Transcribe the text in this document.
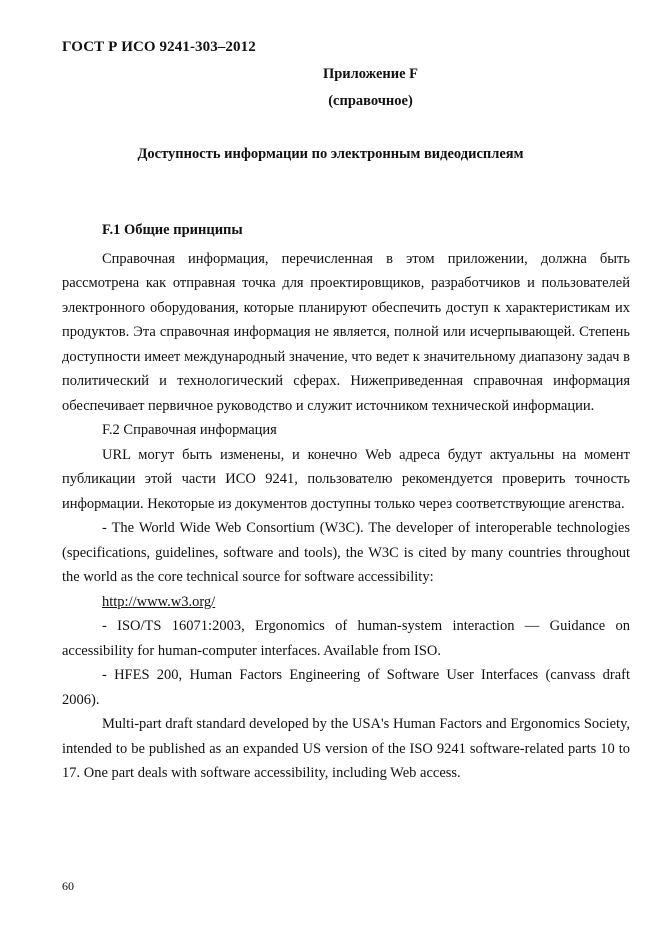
ГОСТ Р ИСО 9241-303–2012
Приложение F
(справочное)
Доступность информации по электронным видеодисплеям

F.1 Общие принципы

Справочная информация, перечисленная в этом приложении, должна быть рассмотрена как отправная точка для проектировщиков, разработчиков и пользователей электронного оборудования, которые планируют обеспечить доступ к характеристикам их продуктов. Эта справочная информация не является, полной или исчерпывающей. Степень доступности имеет международный значение, что ведет к значительному диапазону задач в политический и технологический сферах. Нижеприведенная справочная информация обеспечивает первичное руководство и служит источником технической информации.

F.2 Справочная информация

URL могут быть изменены, и конечно Web адреса будут актуальны на момент публикации этой части ИСО 9241, пользователю рекомендуется проверить точность информации. Некоторые из документов доступны только через соответствующие агенства.

- The World Wide Web Consortium (W3C). The developer of interoperable technologies (specifications, guidelines, software and tools), the W3C is cited by many countries throughout the world as the core technical source for software accessibility:

http://www.w3.org/

- ISO/TS 16071:2003, Ergonomics of human-system interaction — Guidance on accessibility for human-computer interfaces. Available from ISO.

- HFES 200, Human Factors Engineering of Software User Interfaces (canvass draft 2006).

Multi-part draft standard developed by the USA's Human Factors and Ergonomics Society, intended to be published as an expanded US version of the ISO 9241 software-related parts 10 to 17. One part deals with software accessibility, including Web access.

60
